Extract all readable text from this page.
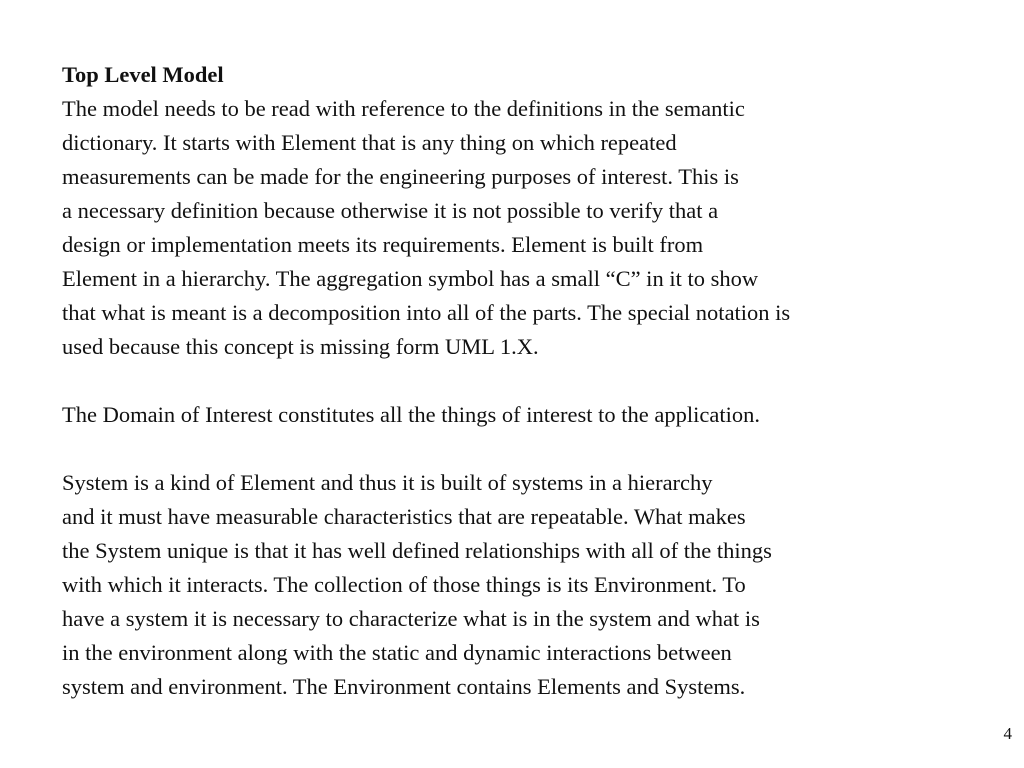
Top Level Model
The model needs to be read with reference to the definitions in the semantic
dictionary. It starts with Element that is any thing on which repeated
measurements can be made for the engineering purposes of interest. This is
a necessary definition because otherwise it is not possible to verify that a
design or implementation meets its requirements. Element is built from
Element in a hierarchy. The aggregation symbol has a small “C” in it to show
that what is meant is a decomposition into all of the parts. The special notation is
used because this concept is missing form UML 1.X.
The Domain of Interest constitutes all the things of interest to the application.
System is a kind of Element and thus it is built of systems in a hierarchy
and it must have measurable characteristics that are repeatable. What makes
the System unique is that it has well defined relationships with all of the things
with which it interacts. The collection of those things is its Environment. To
have a system it is necessary to characterize what is in the system and what is
in the environment along with the static and dynamic interactions between
system and environment. The Environment contains Elements and Systems.
4
